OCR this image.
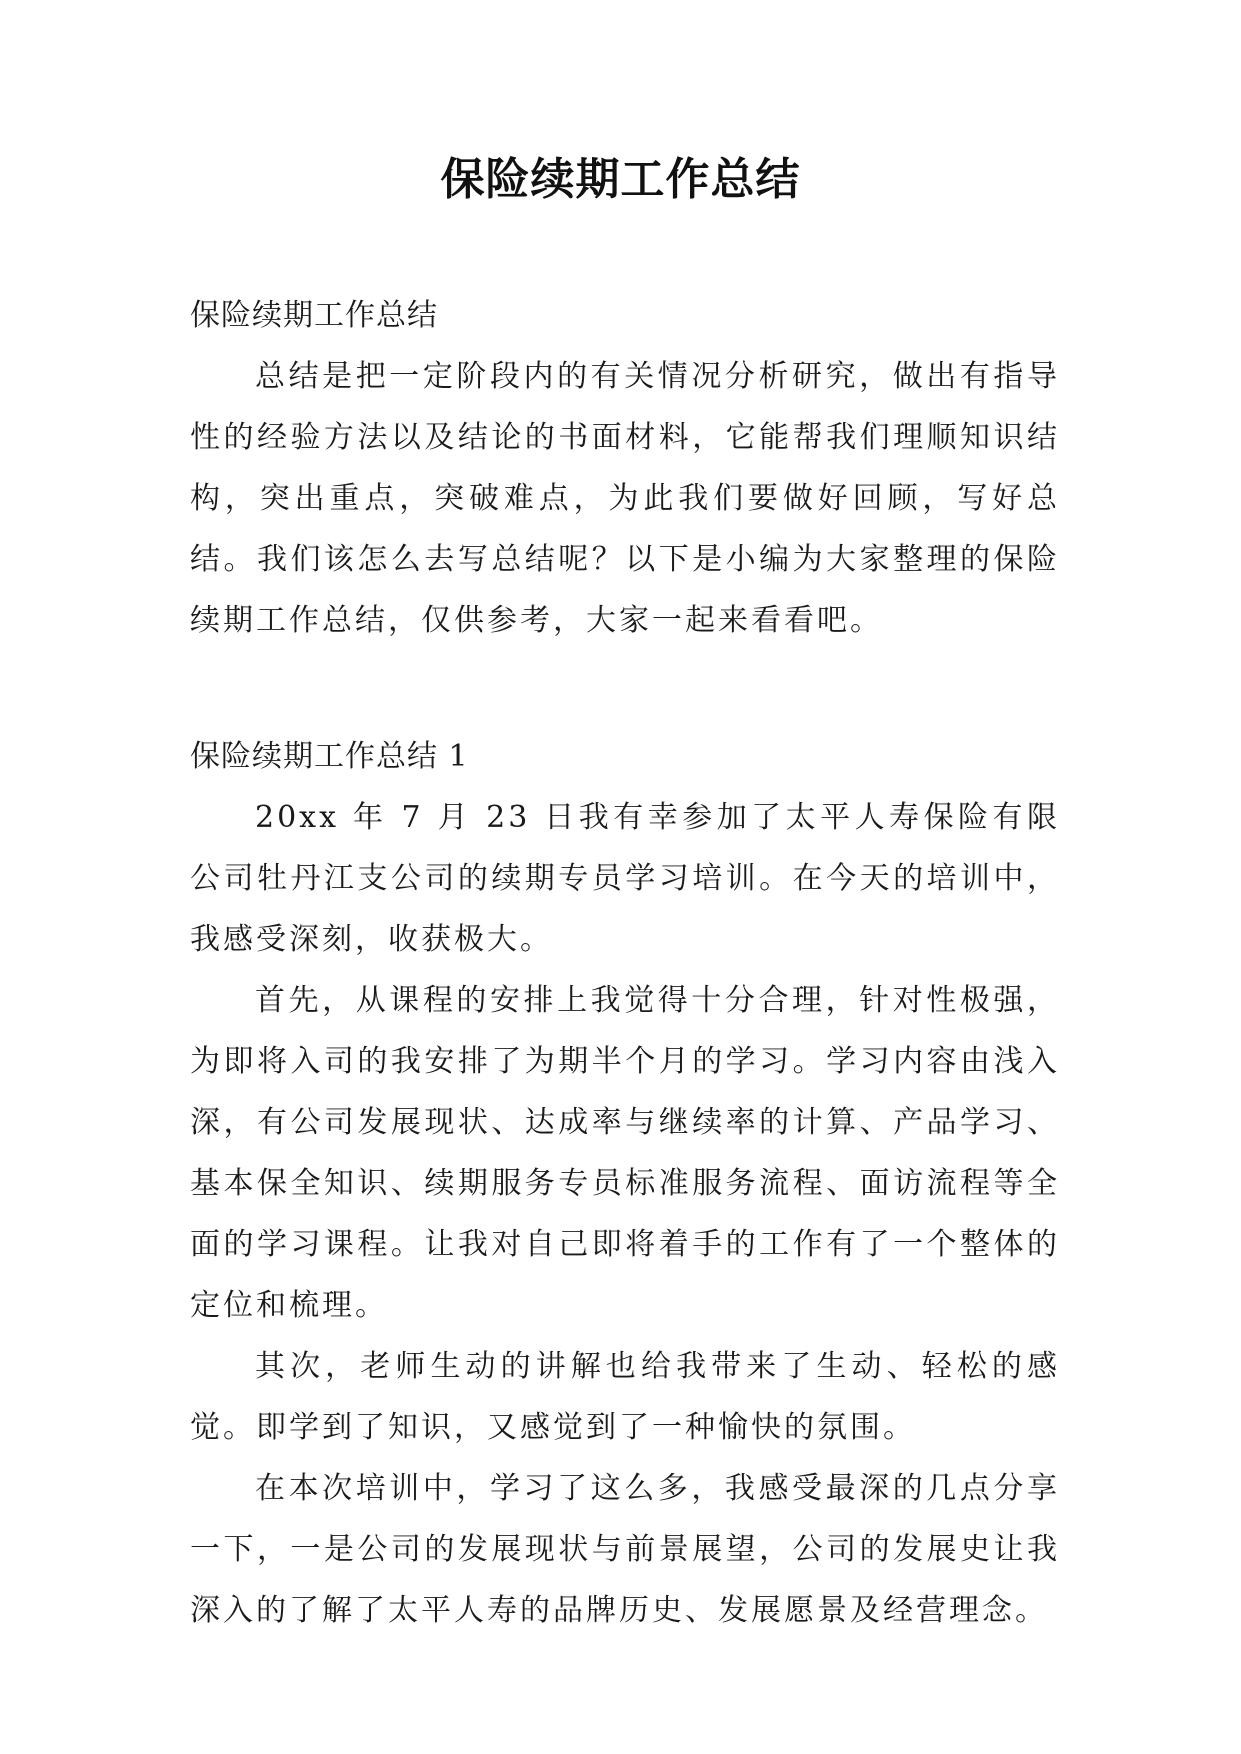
保险续期工作总结

保险续期工作总结

总结是把一定阶段内的有关情况分析研究，做出有指导性的经验方法以及结论的书面材料，它能帮我们理顺知识结构，突出重点，突破难点，为此我们要做好回顾，写好总结。我们该怎么去写总结呢？以下是小编为大家整理的保险续期工作总结，仅供参考，大家一起来看看吧。

保险续期工作总结 1

20xx 年 7 月 23 日我有幸参加了太平人寿保险有限公司牡丹江支公司的续期专员学习培训。在今天的培训中，我感受深刻，收获极大。

首先，从课程的安排上我觉得十分合理，针对性极强，为即将入司的我安排了为期半个月的学习。学习内容由浅入深，有公司发展现状、达成率与继续率的计算、产品学习、基本保全知识、续期服务专员标准服务流程、面访流程等全面的学习课程。让我对自己即将着手的工作有了一个整体的定位和梳理。

其次，老师生动的讲解也给我带来了生动、轻松的感觉。即学到了知识，又感觉到了一种愉快的氛围。

在本次培训中，学习了这么多，我感受最深的几点分享一下，一是公司的发展现状与前景展望，公司的发展史让我深入的了解了太平人寿的品牌历史、发展愿景及经营理念。
